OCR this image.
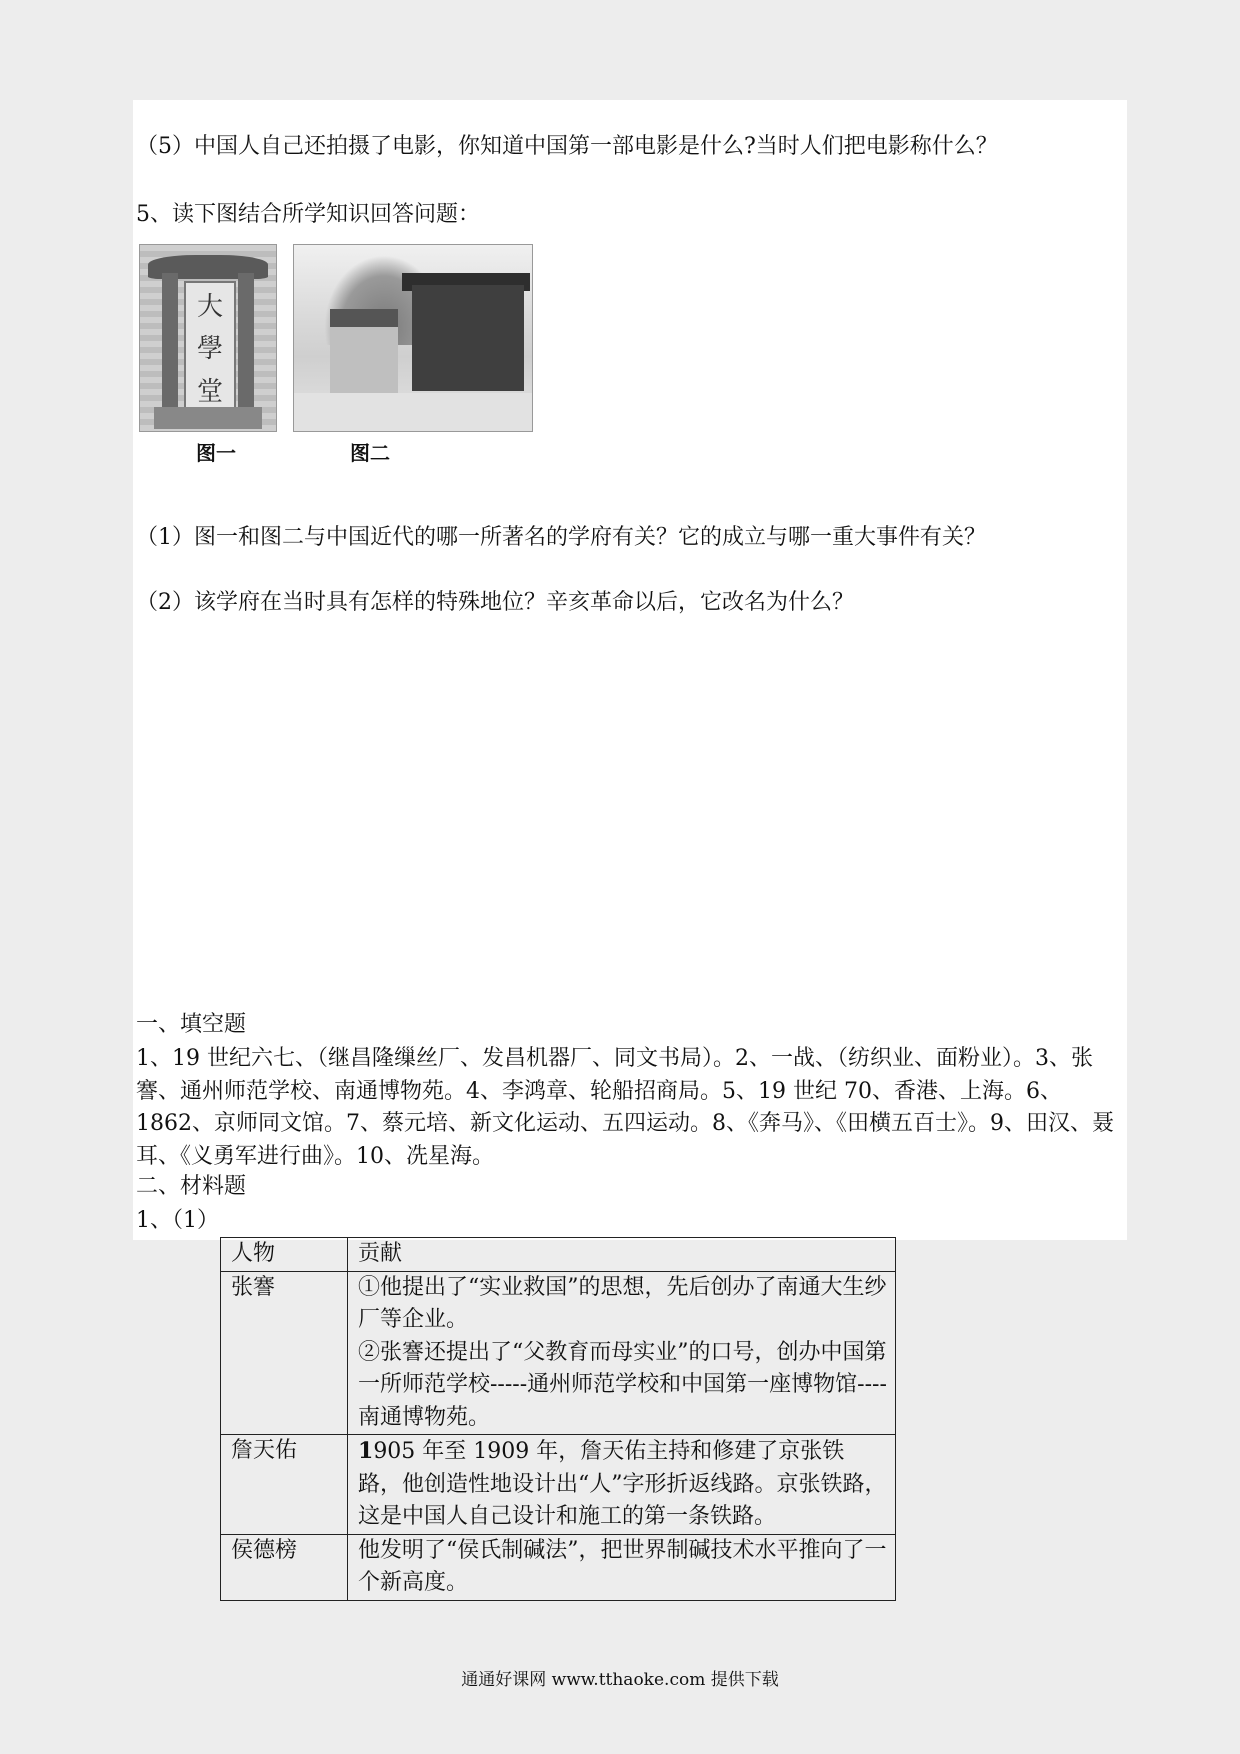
（5）中国人自己还拍摄了电影，你知道中国第一部电影是什么?当时人们把电影称什么？
5、读下图结合所学知识回答问题：
大
學
堂
图一	图二
（1）图一和图二与中国近代的哪一所著名的学府有关？它的成立与哪一重大事件有关？
（2）该学府在当时具有怎样的特殊地位？辛亥革命以后，它改名为什么？
一、填空题
1、19 世纪六七、（继昌隆缫丝厂、发昌机器厂、同文书局）。2、一战、（纺织业、面粉业）。3、张謇、通州师范学校、南通博物苑。4、李鸿章、轮船招商局。5、19 世纪 70、香港、上海。6、1862、京师同文馆。7、蔡元培、新文化运动、五四运动。8、《奔马》、《田横五百士》。9、田汉、聂耳、《义勇军进行曲》。10、冼星海。
二、材料题
1、（1）
人物	贡献
张謇	①他提出了“实业救国”的思想，先后创办了南通大生纱厂等企业。
②张謇还提出了“父教育而母实业”的口号，创办中国第一所师范学校-----通州师范学校和中国第一座博物馆----南通博物苑。

詹天佑	1905 年至 1909 年，詹天佑主持和修建了京张铁路，他创造性地设计出“人”字形折返线路。京张铁路，这是中国人自己设计和施工的第一条铁路。
侯德榜	他发明了“侯氏制碱法”，把世界制碱技术水平推向了一个新高度。
通通好课网 www.tthaoke.com 提供下载
